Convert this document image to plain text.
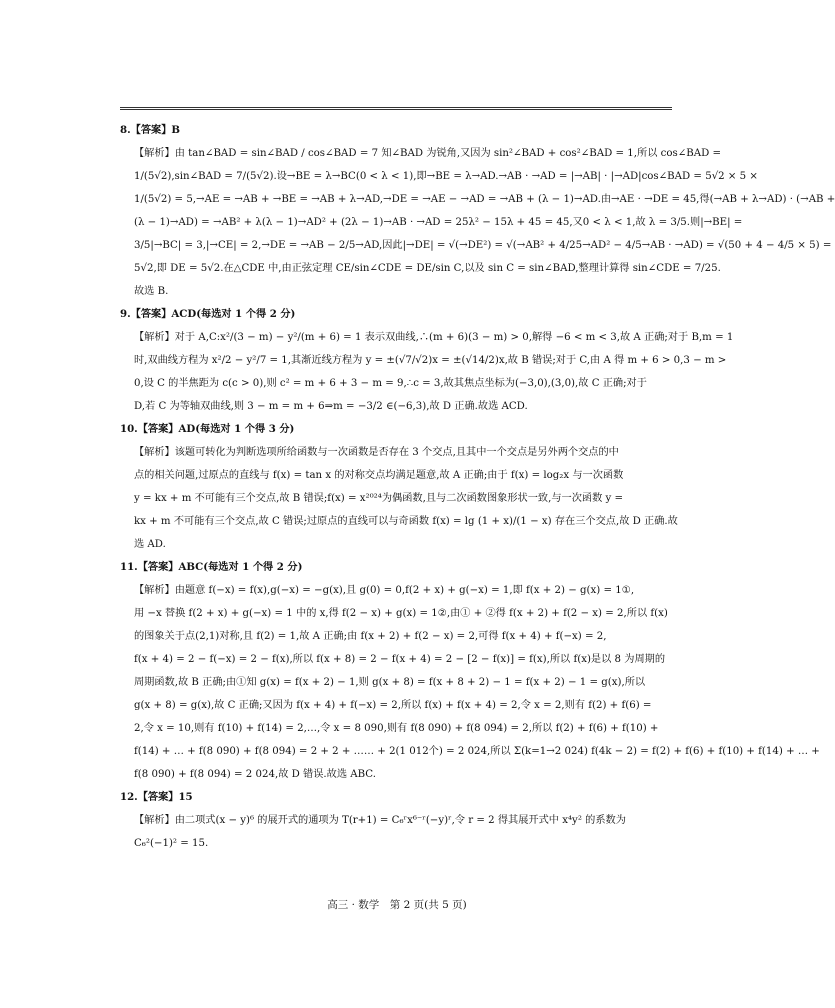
8.【答案】B
【解析】由 tan∠BAD = sin∠BAD / cos∠BAD = 7 知∠BAD 为锐角,又因为 sin²∠BAD + cos²∠BAD = 1,所以 cos∠BAD =
1/(5√2),sin∠BAD = 7/(5√2).设→BE = λ→BC(0 < λ < 1),即→BE = λ→AD.→AB · →AD = |→AB| · |→AD|cos∠BAD = 5√2 × 5 ×
1/(5√2) = 5,→AE = →AB + →BE = →AB + λ→AD,→DE = →AE − →AD = →AB + (λ − 1)→AD.由→AE · →DE = 45,得(→AB + λ→AD) · (→AB +
(λ − 1)→AD) = →AB² + λ(λ − 1)→AD² + (2λ − 1)→AB · →AD = 25λ² − 15λ + 45 = 45,又0 < λ < 1,故 λ = 3/5.则|→BE| =
3/5|→BC| = 3,|→CE| = 2,→DE = →AB − 2/5→AD,因此|→DE| = √(→DE²) = √(→AB² + 4/25→AD² − 4/5→AB · →AD) = √(50 + 4 − 4/5 × 5) =
5√2,即 DE = 5√2.在△CDE 中,由正弦定理 CE/sin∠CDE = DE/sin C,以及 sin C = sin∠BAD,整理计算得 sin∠CDE = 7/25.
故选 B.
9.【答案】ACD(每选对 1 个得 2 分)
【解析】对于 A,C:x²/(3 − m) − y²/(m + 6) = 1 表示双曲线,∴(m + 6)(3 − m) > 0,解得 −6 < m < 3,故 A 正确;对于 B,m = 1
时,双曲线方程为 x²/2 − y²/7 = 1,其渐近线方程为 y = ±(√7/√2)x = ±(√14/2)x,故 B 错误;对于 C,由 A 得 m + 6 > 0,3 − m >
0,设 C 的半焦距为 c(c > 0),则 c² = m + 6 + 3 − m = 9,∴c = 3,故其焦点坐标为(−3,0),(3,0),故 C 正确;对于
D,若 C 为等轴双曲线,则 3 − m = m + 6⇒m = −3/2 ∈(−6,3),故 D 正确.故选 ACD.
10.【答案】AD(每选对 1 个得 3 分)
【解析】该题可转化为判断选项所给函数与一次函数是否存在 3 个交点,且其中一个交点是另外两个交点的中
点的相关问题,过原点的直线与 f(x) = tan x 的对称交点均满足题意,故 A 正确;由于 f(x) = log₂x 与一次函数
y = kx + m 不可能有三个交点,故 B 错误;f(x) = x²⁰²⁴为偶函数,且与二次函数图象形状一致,与一次函数 y =
kx + m 不可能有三个交点,故 C 错误;过原点的直线可以与奇函数 f(x) = lg (1 + x)/(1 − x) 存在三个交点,故 D 正确.故
选 AD.
11.【答案】ABC(每选对 1 个得 2 分)
【解析】由题意 f(−x) = f(x),g(−x) = −g(x),且 g(0) = 0,f(2 + x) + g(−x) = 1,即 f(x + 2) − g(x) = 1①,
用 −x 替换 f(2 + x) + g(−x) = 1 中的 x,得 f(2 − x) + g(x) = 1②,由① + ②得 f(x + 2) + f(2 − x) = 2,所以 f(x)
的图象关于点(2,1)对称,且 f(2) = 1,故 A 正确;由 f(x + 2) + f(2 − x) = 2,可得 f(x + 4) + f(−x) = 2,
f(x + 4) = 2 − f(−x) = 2 − f(x),所以 f(x + 8) = 2 − f(x + 4) = 2 − [2 − f(x)] = f(x),所以 f(x)是以 8 为周期的
周期函数,故 B 正确;由①知 g(x) = f(x + 2) − 1,则 g(x + 8) = f(x + 8 + 2) − 1 = f(x + 2) − 1 = g(x),所以
g(x + 8) = g(x),故 C 正确;又因为 f(x + 4) + f(−x) = 2,所以 f(x) + f(x + 4) = 2,令 x = 2,则有 f(2) + f(6) =
2,令 x = 10,则有 f(10) + f(14) = 2,…,令 x = 8 090,则有 f(8 090) + f(8 094) = 2,所以 f(2) + f(6) + f(10) +
f(14) + … + f(8 090) + f(8 094) = 2 + 2 + …… + 2(1 012个) = 2 024,所以 Σ(k=1→2 024) f(4k − 2) = f(2) + f(6) + f(10) + f(14) + … +
f(8 090) + f(8 094) = 2 024,故 D 错误.故选 ABC.
12.【答案】15
【解析】由二项式(x − y)⁶ 的展开式的通项为 T(r+1) = C₆ʳx⁶⁻ʳ(−y)ʳ,令 r = 2 得其展开式中 x⁴y² 的系数为
C₆²(−1)² = 15.
高三 · 数学　第 2 页(共 5 页)
